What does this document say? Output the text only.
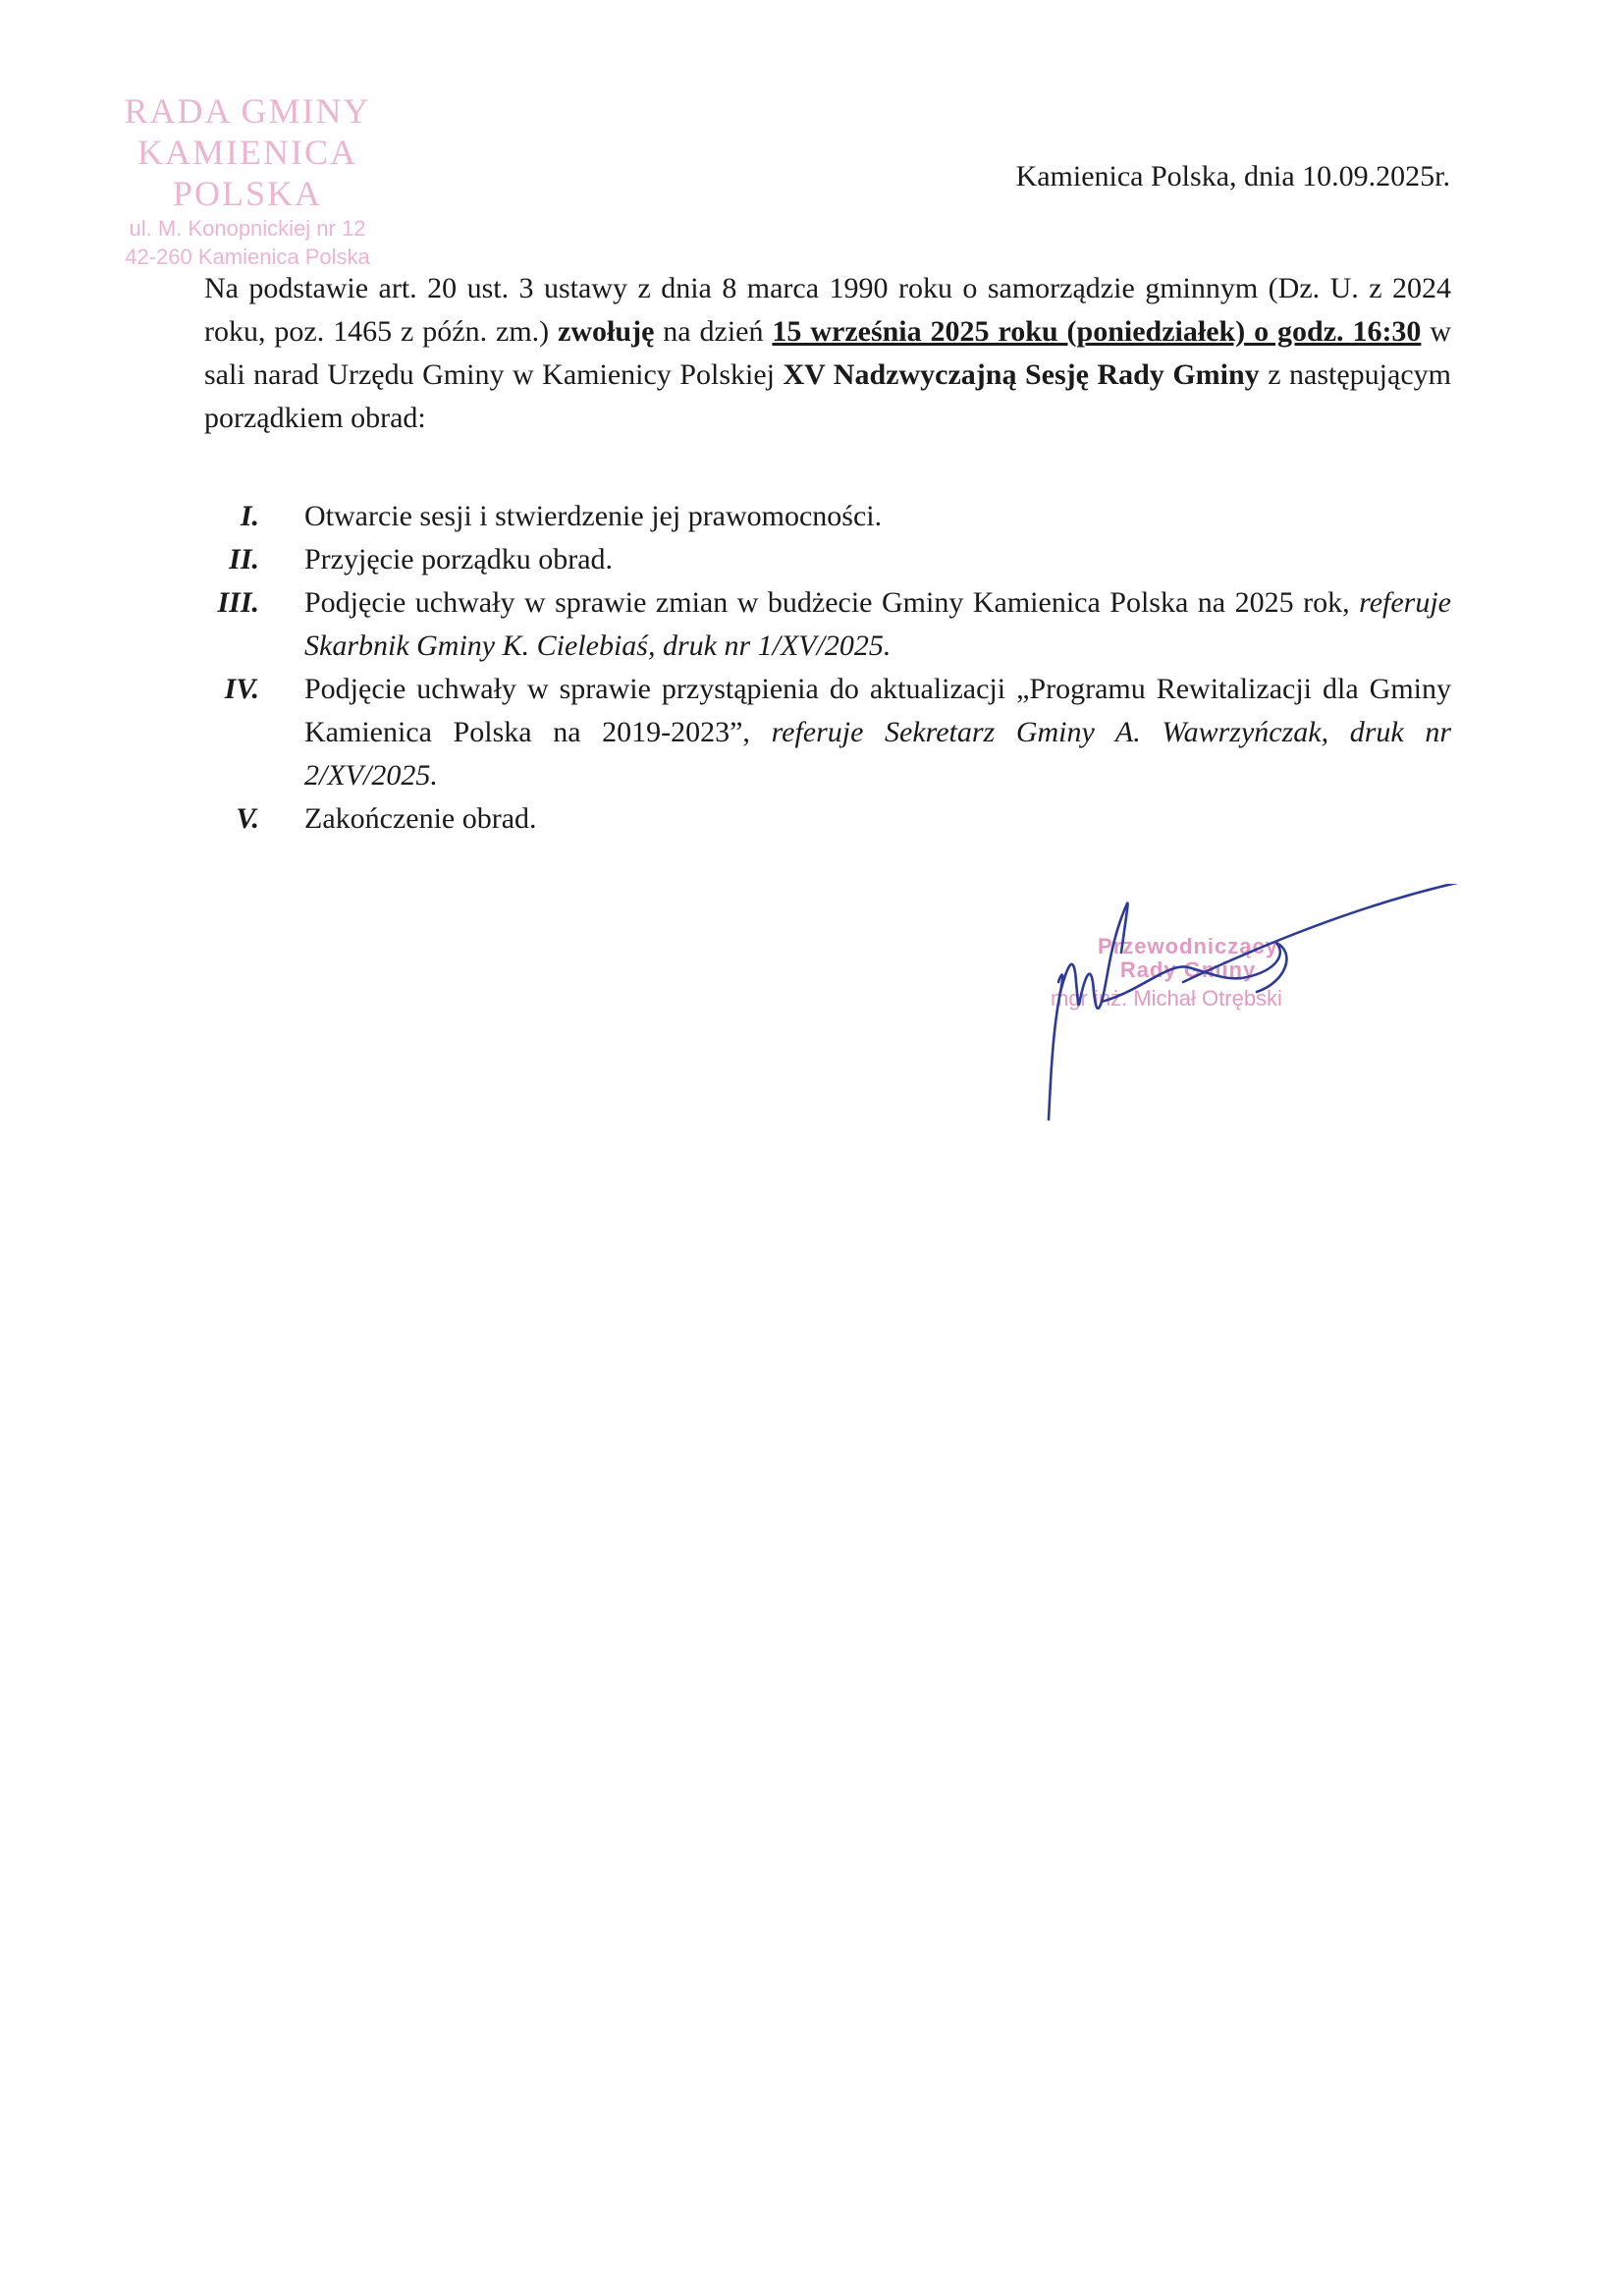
RADA GMINY
KAMIENICA POLSKA
ul. M. Konopnickiej nr 12
42-260 Kamienica Polska
Kamienica Polska, dnia 10.09.2025r.
Na podstawie art. 20 ust. 3 ustawy z dnia 8 marca 1990 roku o samorządzie gminnym (Dz. U. z 2024 roku, poz. 1465 z późn. zm.) zwołuję na dzień 15 września 2025 roku (poniedziałek) o godz. 16:30 w sali narad Urzędu Gminy w Kamienicy Polskiej XV Nadzwyczajną Sesję Rady Gminy z następującym porządkiem obrad:
I. Otwarcie sesji i stwierdzenie jej prawomocności.
II. Przyjęcie porządku obrad.
III. Podjęcie uchwały w sprawie zmian w budżecie Gminy Kamienica Polska na 2025 rok, referuje Skarbnik Gminy K. Cielebiaś, druk nr 1/XV/2025.
IV. Podjęcie uchwały w sprawie przystąpienia do aktualizacji „Programu Rewitalizacji dla Gminy Kamienica Polska na 2019-2023”, referuje Sekretarz Gminy A. Wawrzyńczak, druk nr 2/XV/2025.
V. Zakończenie obrad.
Przewodniczący
Rady Gminy
mgr inż. Michał Otrębski
